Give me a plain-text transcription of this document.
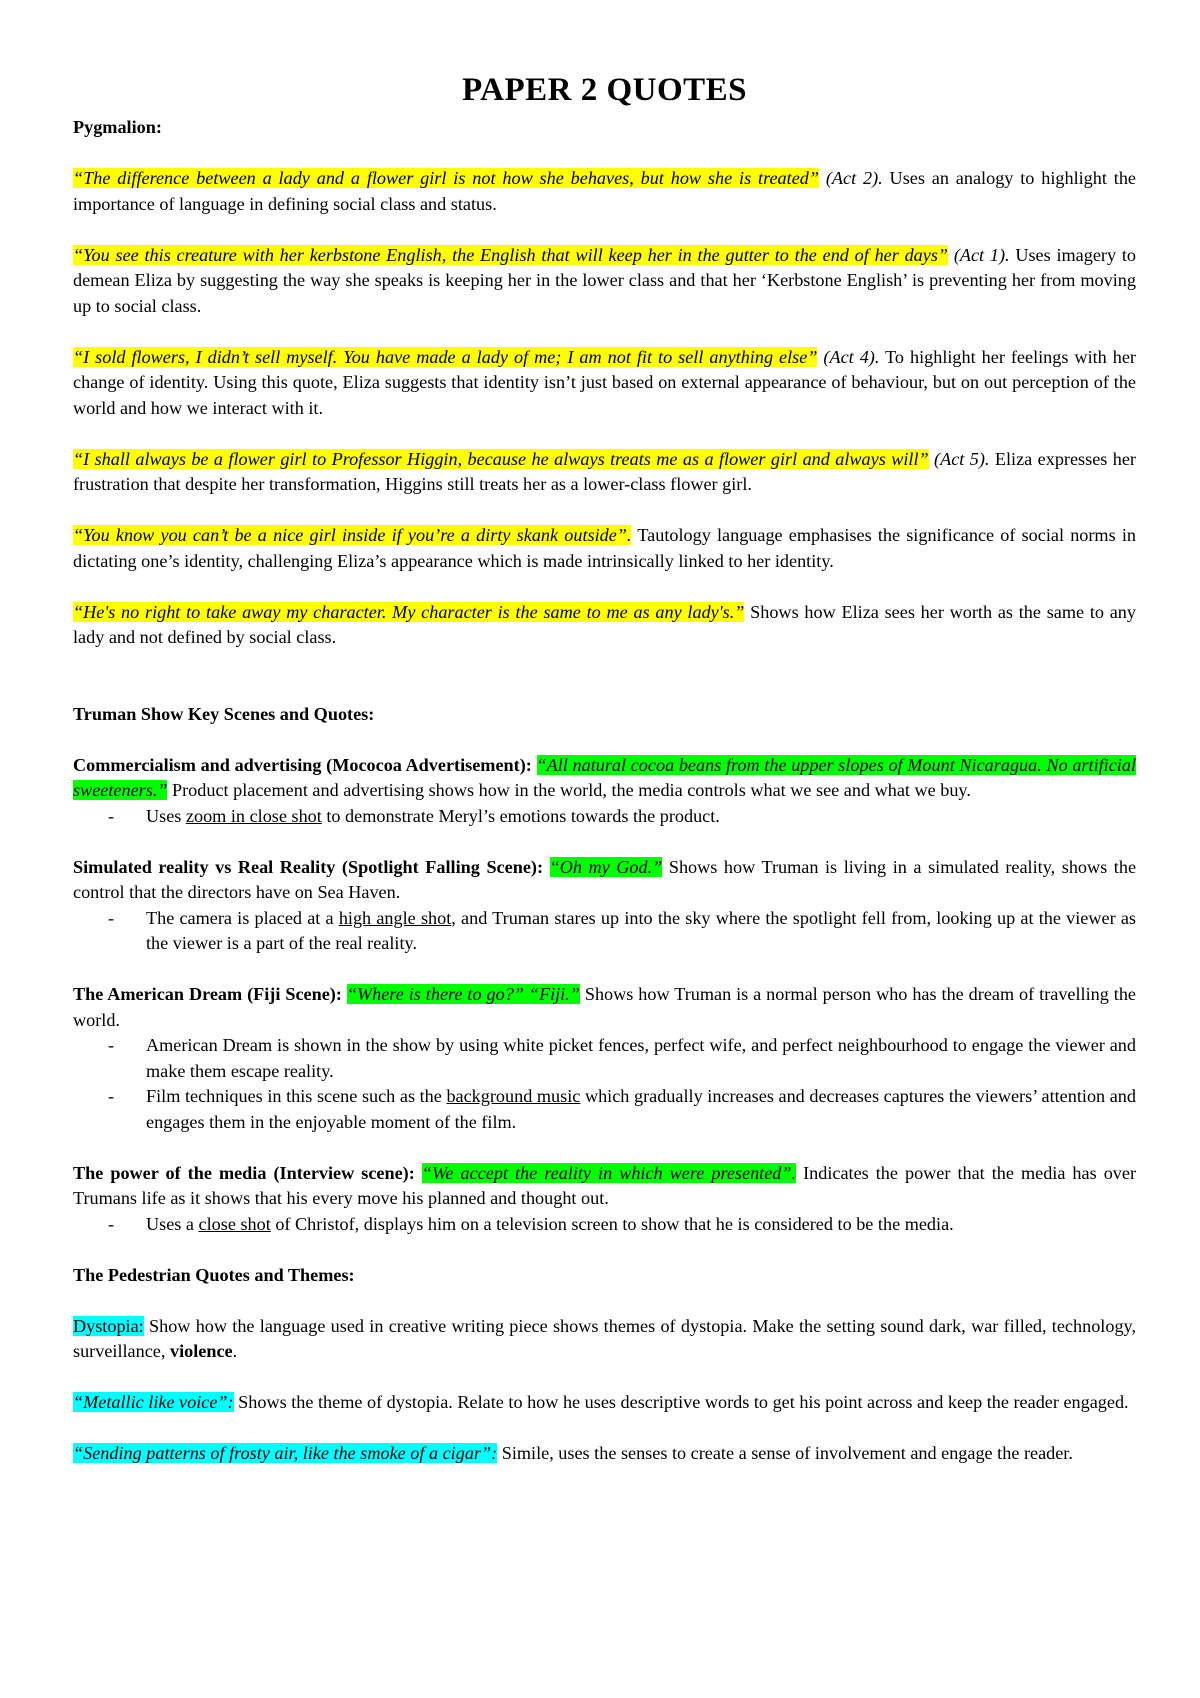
PAPER 2 QUOTES

Pygmalion:

“The difference between a lady and a flower girl is not how she behaves, but how she is treated” (Act 2). Uses an analogy to highlight the importance of language in defining social class and status.

“You see this creature with her kerbstone English, the English that will keep her in the gutter to the end of her days” (Act 1). Uses imagery to demean Eliza by suggesting the way she speaks is keeping her in the lower class and that her ‘Kerbstone English’ is preventing her from moving up to social class.

“I sold flowers, I didn’t sell myself. You have made a lady of me; I am not fit to sell anything else” (Act 4). To highlight her feelings with her change of identity. Using this quote, Eliza suggests that identity isn’t just based on external appearance of behaviour, but on out perception of the world and how we interact with it.

“I shall always be a flower girl to Professor Higgin, because he always treats me as a flower girl and always will” (Act 5). Eliza expresses her frustration that despite her transformation, Higgins still treats her as a lower-class flower girl.

“You know you can’t be a nice girl inside if you’re a dirty skank outside”. Tautology language emphasises the significance of social norms in dictating one’s identity, challenging Eliza’s appearance which is made intrinsically linked to her identity.

“He's no right to take away my character. My character is the same to me as any lady's.” Shows how Eliza sees her worth as the same to any lady and not defined by social class.

Truman Show Key Scenes and Quotes:

Commercialism and advertising (Mococoa Advertisement): “All natural cocoa beans from the upper slopes of Mount Nicaragua. No artificial sweeteners.” Product placement and advertising shows how in the world, the media controls what we see and what we buy.

- Uses zoom in close shot to demonstrate Meryl’s emotions towards the product.

Simulated reality vs Real Reality (Spotlight Falling Scene): “Oh my God.” Shows how Truman is living in a simulated reality, shows the control that the directors have on Sea Haven.

- The camera is placed at a high angle shot, and Truman stares up into the sky where the spotlight fell from, looking up at the viewer as the viewer is a part of the real reality.

The American Dream (Fiji Scene): “Where is there to go?” “Fiji.” Shows how Truman is a normal person who has the dream of travelling the world.

- American Dream is shown in the show by using white picket fences, perfect wife, and perfect neighbourhood to engage the viewer and make them escape reality.
- Film techniques in this scene such as the background music which gradually increases and decreases captures the viewers’ attention and engages them in the enjoyable moment of the film.

The power of the media (Interview scene): “We accept the reality in which were presented”. Indicates the power that the media has over Trumans life as it shows that his every move his planned and thought out.

- Uses a close shot of Christof, displays him on a television screen to show that he is considered to be the media.

The Pedestrian Quotes and Themes:

Dystopia: Show how the language used in creative writing piece shows themes of dystopia. Make the setting sound dark, war filled, technology, surveillance, violence.

“Metallic like voice”: Shows the theme of dystopia. Relate to how he uses descriptive words to get his point across and keep the reader engaged.

“Sending patterns of frosty air, like the smoke of a cigar”: Simile, uses the senses to create a sense of involvement and engage the reader.
